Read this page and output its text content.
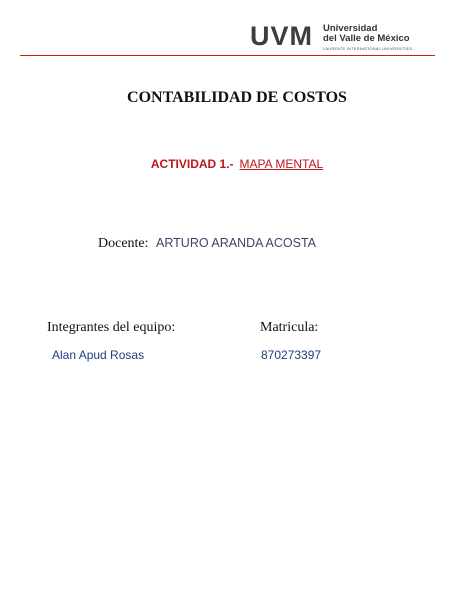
UVM Universidad
del Valle de México
LAUREATE INTERNATIONAL UNIVERSITIES
CONTABILIDAD DE COSTOS
ACTIVIDAD 1.- MAPA MENTAL
Docente: ARTURO ARANDA ACOSTA
Integrantes del equipo:	Matricula:
Alan Apud Rosas	870273397
